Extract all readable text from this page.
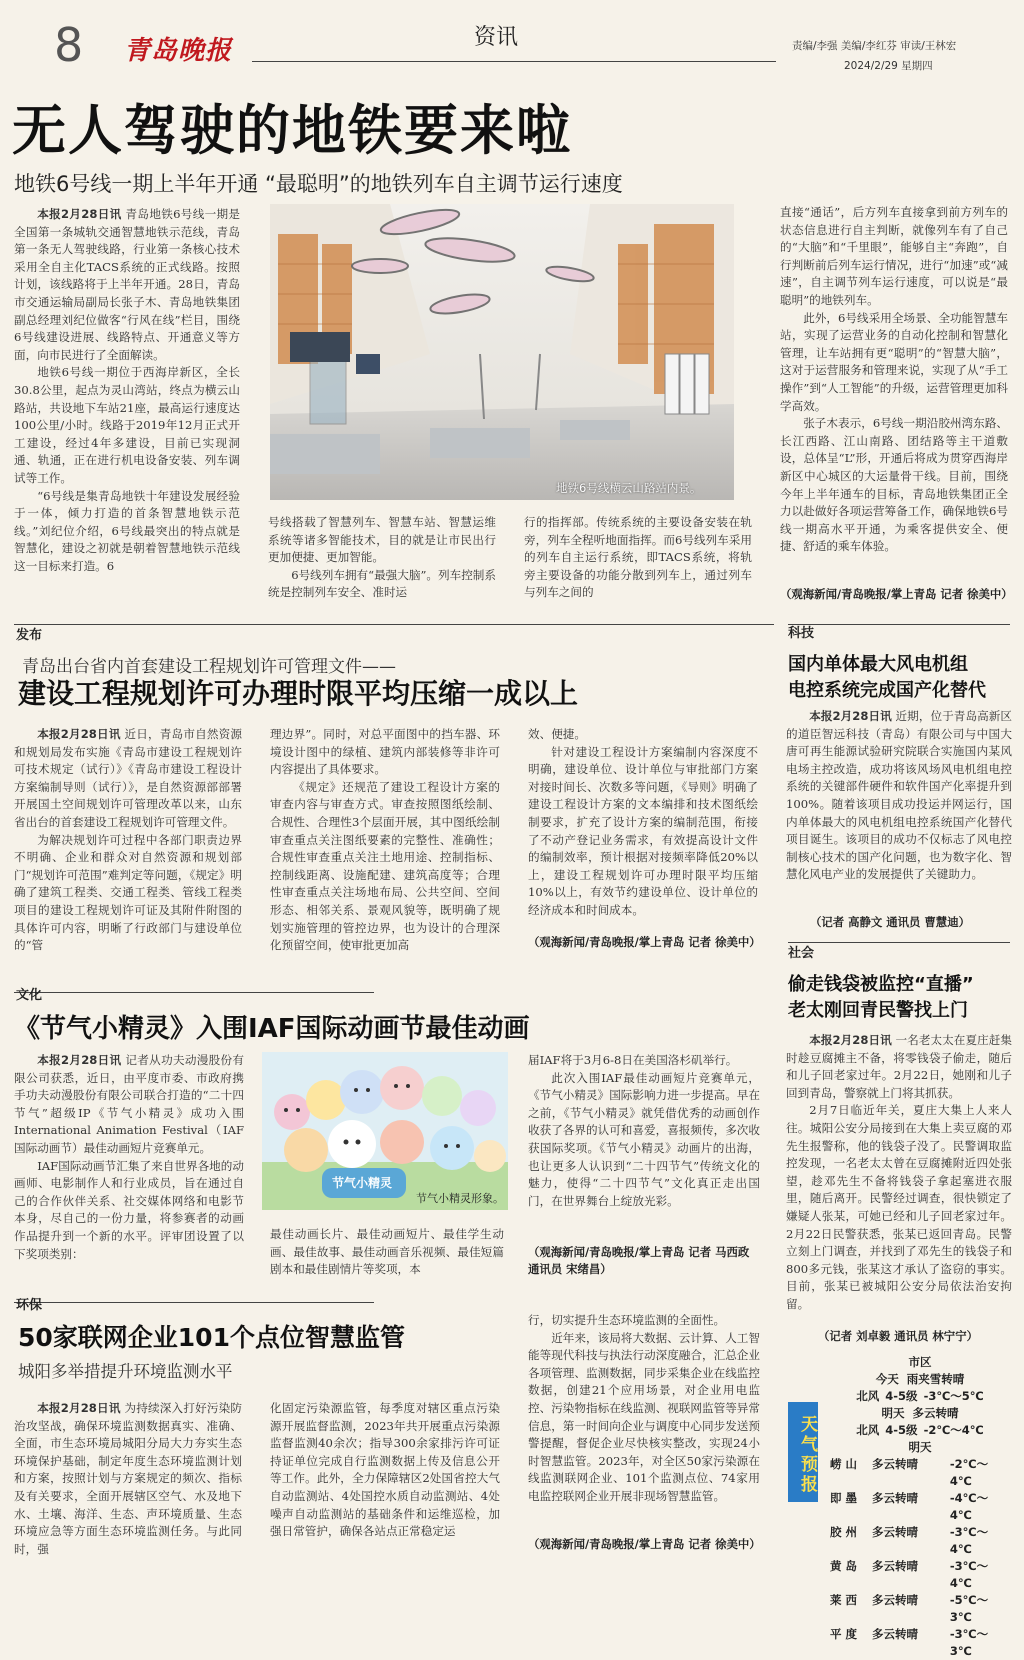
8 青岛晚报	资讯	责编/李强 美编/李红芬 审读/王林宏
2024/2/29 星期四
无人驾驶的地铁要来啦
地铁6号线一期上半年开通 “最聪明”的地铁列车自主调节运行速度

本报2月28日讯 青岛地铁6号线一期是全国第一条城轨交通智慧地铁示范线，青岛第一条无人驾驶线路，行业第一条核心技术采用全自主化TACS系统的正式线路。按照计划，该线路将于上半年开通。28日，青岛市交通运输局副局长张子木、青岛地铁集团副总经理刘纪位做客“行风在线”栏目，围绕6号线建设进展、线路特点、开通意义等方面，向市民进行了全面解读。

地铁6号线一期位于西海岸新区，全长30.8公里，起点为灵山湾站，终点为横云山路站，共设地下车站21座，最高运行速度达100公里/小时。线路于2019年12月正式开工建设，经过4年多建设，目前已实现洞通、轨通，正在进行机电设备安装、列车调试等工作。

“6号线是集青岛地铁十年建设发展经验于一体，倾力打造的首条智慧地铁示范线。”刘纪位介绍，6号线最突出的特点就是智慧化，建设之初就是朝着智慧地铁示范线这一目标来打造。6

地铁6号线横云山路站内景。

号线搭载了智慧列车、智慧车站、智慧运维系统等诸多智能技术，目的就是让市民出行更加便捷、更加智能。

6号线列车拥有“最强大脑”。列车控制系统是控制列车安全、准时运

行的指挥部。传统系统的主要设备安装在轨旁，列车全程听地面指挥。而6号线列车采用的列车自主运行系统，即TACS系统，将轨旁主要设备的功能分散到列车上，通过列车与列车之间的

直接“通话”，后方列车直接拿到前方列车的状态信息进行自主判断，就像列车有了自己的“大脑”和“千里眼”，能够自主“奔跑”，自行判断前后列车运行情况，进行“加速”或“减速”，自主调节列车运行速度，可以说是“最聪明”的地铁列车。

此外，6号线采用全场景、全功能智慧车站，实现了运营业务的自动化控制和智慧化管理，让车站拥有更“聪明”的“智慧大脑”，这对于运营服务和管理来说，实现了从“手工操作”到“人工智能”的升级，运营管理更加科学高效。

张子木表示，6号线一期沿胶州湾东路、长江西路、江山南路、团结路等主干道敷设，总体呈“L”形，开通后将成为贯穿西海岸新区中心城区的大运量骨干线。目前，围绕今年上半年通车的目标，青岛地铁集团正全力以赴做好各项运营筹备工作，确保地铁6号线一期高水平开通，为乘客提供安全、便捷、舒适的乘车体验。

（观海新闻/青岛晚报/掌上青岛 记者 徐美中）
发布
青岛出台省内首套建设工程规划许可管理文件——
建设工程规划许可办理时限平均压缩一成以上

本报2月28日讯 近日，青岛市自然资源和规划局发布实施《青岛市建设工程规划许可技术规定（试行）》《青岛市建设工程设计方案编制导则（试行）》，是自然资源部部署开展国土空间规划许可管理改革以来，山东省出台的首套建设工程规划许可管理文件。

为解决规划许可过程中各部门职责边界不明确、企业和群众对自然资源和规划部门“规划许可范围”难判定等问题，《规定》明确了建筑工程类、交通工程类、管线工程类项目的建设工程规划许可证及其附件附图的具体许可内容，明晰了行政部门与建设单位的“管

理边界”。同时，对总平面图中的挡车器、环境设计图中的绿植、建筑内部装修等非许可内容提出了具体要求。

《规定》还规范了建设工程设计方案的审查内容与审查方式。审查按照图纸绘制、合规性、合理性3个层面开展，其中图纸绘制审查重点关注图纸要素的完整性、准确性；合规性审查重点关注土地用途、控制指标、控制线距离、设施配建、建筑高度等；合理性审查重点关注场地布局、公共空间、空间形态、相邻关系、景观风貌等，既明确了规划实施管理的管控边界，也为设计的合理深化预留空间，使审批更加高

效、便捷。

针对建设工程设计方案编制内容深度不明确，建设单位、设计单位与审批部门方案对接时间长、次数多等问题，《导则》明确了建设工程设计方案的文本编排和技术图纸绘制要求，扩充了设计方案的编制范围，衔接了不动产登记业务需求，有效提高设计文件的编制效率，预计根据对接频率降低20%以上，建设工程规划许可办理时限平均压缩10%以上，有效节约建设单位、设计单位的经济成本和时间成本。

（观海新闻/青岛晚报/掌上青岛 记者 徐美中）
科技
国内单体最大风电机组
电控系统完成国产化替代

本报2月28日讯 近期，位于青岛高新区的道臣智远科技（青岛）有限公司与中国大唐可再生能源试验研究院联合实施国内某风电场主控改造，成功将该风场风电机组电控系统的关键部件硬件和软件国产化率提升到100%。随着该项目成功投运并网运行，国内单体最大的风电机组电控系统国产化替代项目诞生。该项目的成功不仅标志了风电控制核心技术的国产化问题，也为数字化、智慧化风电产业的发展提供了关键助力。

（记者 高静文 通讯员 曹慧迪）
社会
偷走钱袋被监控“直播”
老太刚回青民警找上门

本报2月28日讯 一名老太太在夏庄赶集时趁豆腐摊主不备，将零钱袋子偷走，随后和儿子回老家过年。2月22日，她刚和儿子回到青岛，警察就上门将其抓获。

2月7日临近年关，夏庄大集上人来人往。城阳公安分局接到在大集上卖豆腐的邓先生报警称，他的钱袋子没了。民警调取监控发现，一名老太太曾在豆腐摊附近四处张望，趁邓先生不备将钱袋子拿起塞进衣服里，随后离开。民警经过调查，很快锁定了嫌疑人张某，可她已经和儿子回老家过年。2月22日民警获悉，张某已返回青岛。民警立刻上门调查，并找到了邓先生的钱袋子和800多元钱，张某这才承认了盗窃的事实。目前，张某已被城阳公安分局依法治安拘留。

（记者 刘卓毅 通讯员 林宁宁）
文化
《节气小精灵》入围IAF国际动画节最佳动画

本报2月28日讯 记者从功夫动漫股份有限公司获悉，近日，由平度市委、市政府携手功夫动漫股份有限公司联合打造的“二十四节气”超级IP《节气小精灵》成功入围International Animation Festival（IAF国际动画节）最佳动画短片竞赛单元。

IAF国际动画节汇集了来自世界各地的动画师、电影制作人和行业成员，旨在通过自己的合作伙伴关系、社交媒体网络和电影节本身，尽自己的一份力量，将参赛者的动画作品提升到一个新的水平。评审团设置了以下奖项类别：

节气小精灵
节气小精灵形象。

最佳动画长片、最佳动画短片、最佳学生动画、最佳故事、最佳动画音乐视频、最佳短篇剧本和最佳剧情片等奖项，本

届IAF将于3月6-8日在美国洛杉矶举行。

此次入围IAF最佳动画短片竞赛单元，《节气小精灵》国际影响力进一步提高。早在之前，《节气小精灵》就凭借优秀的动画创作收获了各界的认可和喜爱，喜报频传，多次收获国际奖项。《节气小精灵》动画片的出海，也让更多人认识到“二十四节气”传统文化的魅力，使得“二十四节气”文化真正走出国门，在世界舞台上绽放光彩。

（观海新闻/青岛晚报/掌上青岛 记者 马西政 通讯员 宋绪昌）
环保
50家联网企业101个点位智慧监管
城阳多举措提升环境监测水平

本报2月28日讯 为持续深入打好污染防治攻坚战，确保环境监测数据真实、准确、全面，市生态环境局城阳分局大力夯实生态环境保护基础，制定年度生态环境监测计划和方案，按照计划与方案规定的频次、指标及有关要求，全面开展辖区空气、水及地下水、土壤、海洋、生态、声环境质量、生态环境应急等方面生态环境监测任务。与此同时，强

化固定污染源监管，每季度对辖区重点污染源开展监督监测，2023年共开展重点污染源监督监测40余次；指导300余家排污许可证持证单位完成自行监测数据上传及信息公开等工作。此外，全力保障辖区2处国省控大气自动监测站、4处国控水质自动监测站、4处噪声自动监测站的基础条件和运维巡检，加强日常管护，确保各站点正常稳定运

行，切实提升生态环境监测的全面性。

近年来，该局将大数据、云计算、人工智能等现代科技与执法行动深度融合，汇总企业各项管理、监测数据，同步采集企业在线监控数据，创建21个应用场景，对企业用电监控、污染物指标在线监测、视联网监管等异常信息，第一时间向企业与调度中心同步发送预警提醒，督促企业尽快核实整改，实现24小时智慧监管。2023年，对全区50家污染源在线监测联网企业、101个监测点位、74家用电监控联网企业开展非现场智慧监管。

（观海新闻/青岛晚报/掌上青岛 记者 徐美中）
天气预报
市区
今天 雨夹雪转晴
北风 4-5级 -3℃～5℃
明天 多云转晴
北风 4-5级 -2℃～4℃
明天
崂 山	多云转晴	-2℃～4℃
即 墨	多云转晴	-4℃～4℃
胶 州	多云转晴	-3℃～4℃
黄 岛	多云转晴	-3℃～4℃
莱 西	多云转晴	-5℃～3℃
平 度	多云转晴	-3℃～3℃
